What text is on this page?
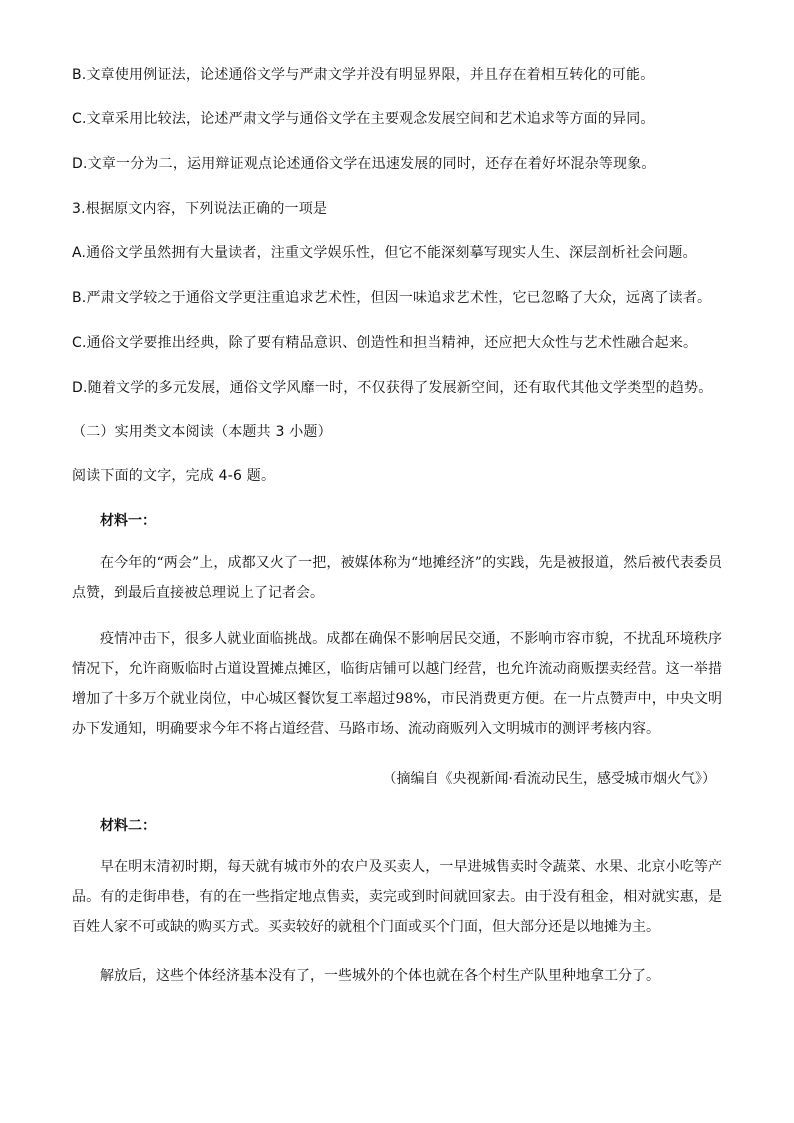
B.文章使用例证法，论述通俗文学与严肃文学并没有明显界限，并且存在着相互转化的可能。
C.文章采用比较法，论述严肃文学与通俗文学在主要观念发展空间和艺术追求等方面的异同。
D.文章一分为二，运用辩证观点论述通俗文学在迅速发展的同时，还存在着好坏混杂等现象。
3.根据原文内容，下列说法正确的一项是
A.通俗文学虽然拥有大量读者，注重文学娱乐性，但它不能深刻摹写现实人生、深层剖析社会问题。
B.严肃文学较之于通俗文学更注重追求艺术性，但因一味追求艺术性，它已忽略了大众，远离了读者。
C.通俗文学要推出经典，除了要有精品意识、创造性和担当精神，还应把大众性与艺术性融合起来。
D.随着文学的多元发展，通俗文学风靡一时，不仅获得了发展新空间，还有取代其他文学类型的趋势。
（二）实用类文本阅读（本题共 3 小题）
阅读下面的文字，完成 4-6 题。
材料一：
在今年的“两会”上，成都又火了一把，被媒体称为“地摊经济”的实践，先是被报道，然后被代表委员点赞，到最后直接被总理说上了记者会。
疫情冲击下，很多人就业面临挑战。成都在确保不影响居民交通，不影响市容市貌，不扰乱环境秩序情况下，允许商贩临时占道设置摊点摊区，临街店铺可以越门经营，也允许流动商贩摆卖经营。这一举措增加了十多万个就业岗位，中心城区餐饮复工率超过98%，市民消费更方便。在一片点赞声中，中央文明办下发通知，明确要求今年不将占道经营、马路市场、流动商贩列入文明城市的测评考核内容。
（摘编自《央视新闻·看流动民生，感受城市烟火气》）
材料二：
早在明末清初时期，每天就有城市外的农户及买卖人，一早进城售卖时令蔬菜、水果、北京小吃等产品。有的走街串巷，有的在一些指定地点售卖，卖完或到时间就回家去。由于没有租金，相对就实惠，是百姓人家不可或缺的购买方式。买卖较好的就租个门面或买个门面，但大部分还是以地摊为主。
解放后，这些个体经济基本没有了，一些城外的个体也就在各个村生产队里种地拿工分了。
